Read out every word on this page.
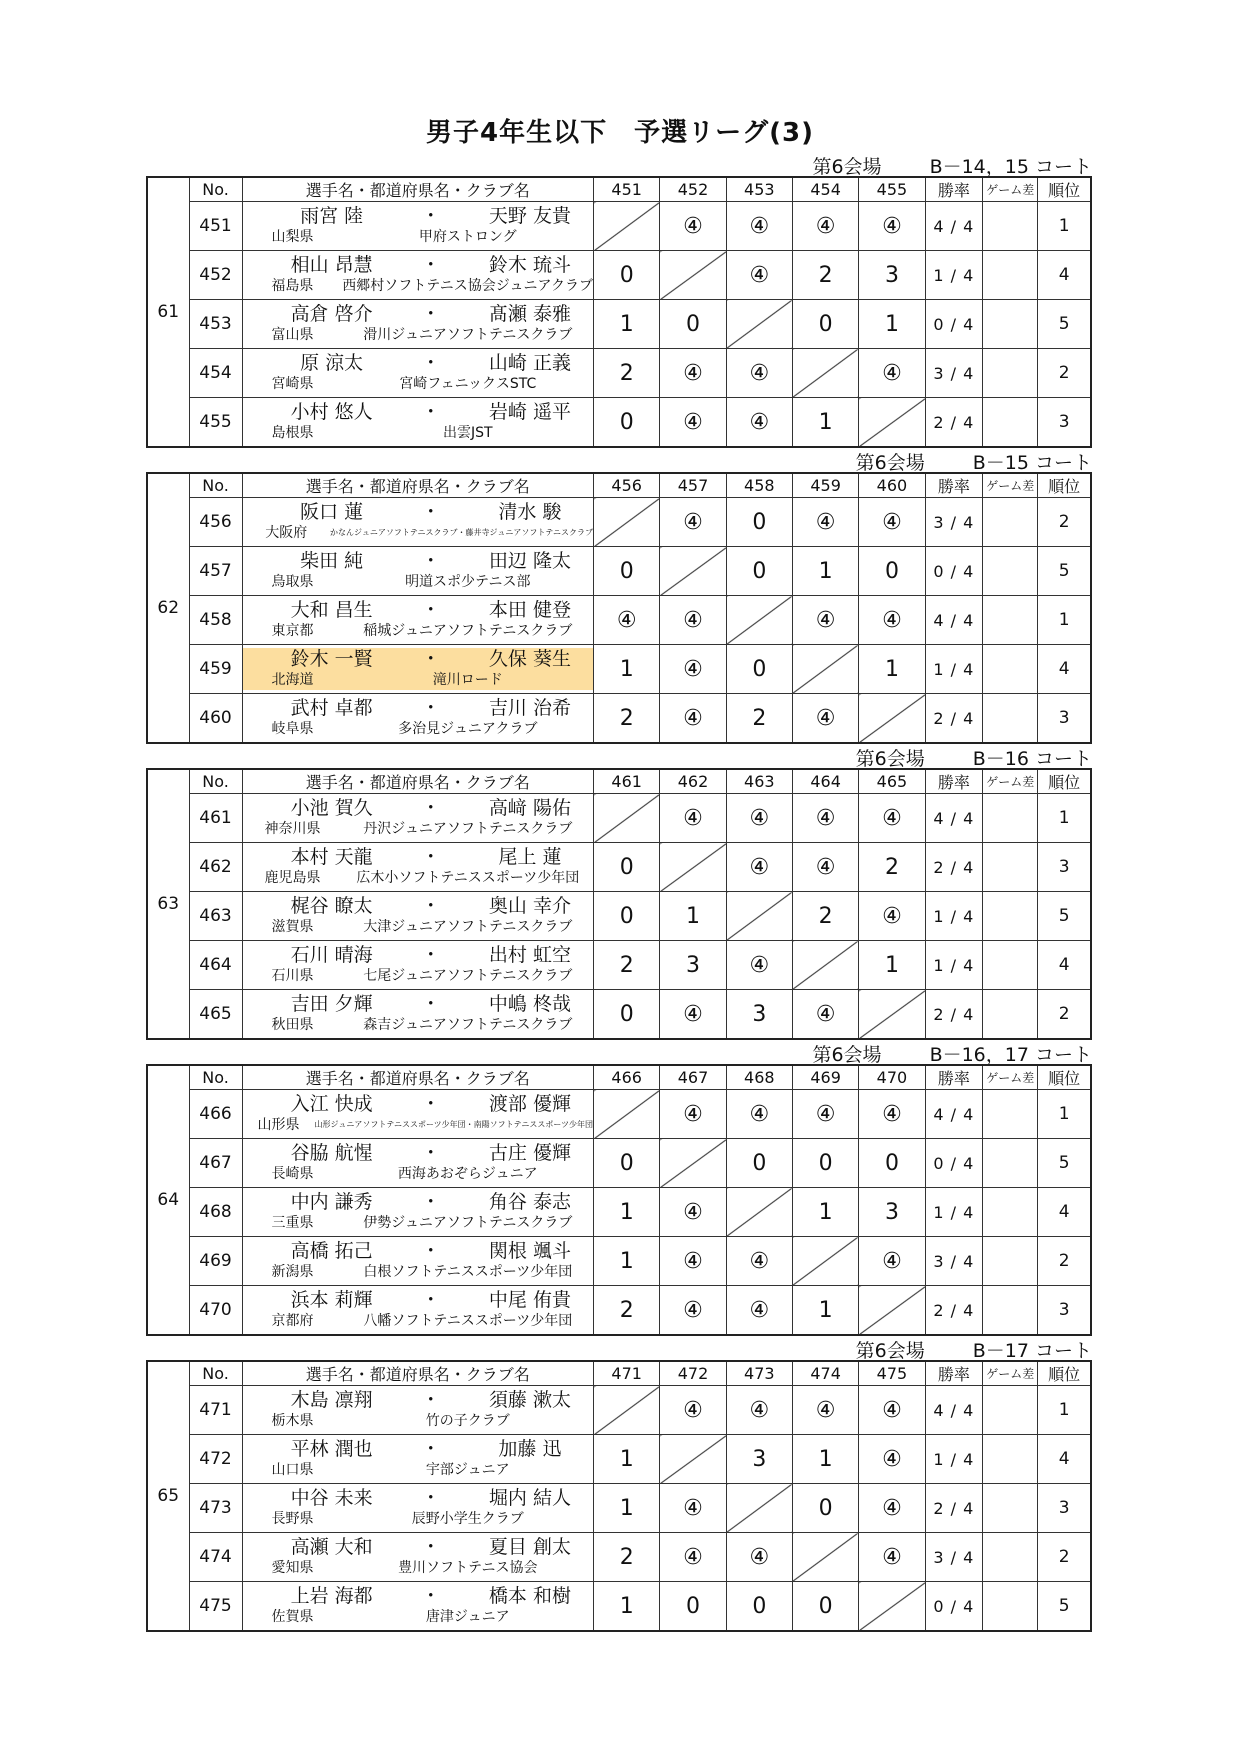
男子4年生以下　予選リーグ(3)
第6会場	B－14，15 コート
61	No.	選手名・都道府県名・クラブ名	451	452	453	454	455	勝率	ゲーム差	順位
	451	雨宮 陸 ・ 天野 友貴
山梨県 甲府ストロング		④	④	④	④	4 / 4		1
	452	相山 昂慧 ・ 鈴木 琉斗
福島県 西郷村ソフトテニス協会ジュニアクラブ	0		④	2	3	1 / 4		4
	453	高倉 啓介 ・ 髙瀬 泰雅
富山県 滑川ジュニアソフトテニスクラブ	1	0		0	1	0 / 4		5
	454	原 涼太 ・ 山崎 正義
宮崎県 宮崎フェニックスSTC	2	④	④		④	3 / 4		2
	455	小村 悠人 ・ 岩崎 遥平
島根県 出雲JST	0	④	④	1		2 / 4		3
第6会場	B－15 コート
62	No.	選手名・都道府県名・クラブ名	456	457	458	459	460	勝率	ゲーム差	順位
	456	阪口 蓮 ・ 清水 駿
大阪府 かなんジュニアソフトテニスクラブ・藤井寺ジュニアソフトテニスクラブ		④	0	④	④	3 / 4		2
	457	柴田 純 ・ 田辺 隆太
鳥取県 明道スポ少テニス部	0		0	1	0	0 / 4		5
	458	大和 昌生 ・ 本田 健登
東京都 稲城ジュニアソフトテニスクラブ	④	④		④	④	4 / 4		1
	459	鈴木 一賢 ・ 久保 葵生
北海道 滝川ロード	1	④	0		1	1 / 4		4
	460	武村 卓都 ・ 吉川 治希
岐阜県 多治見ジュニアクラブ	2	④	2	④		2 / 4		3
第6会場	B－16 コート
63	No.	選手名・都道府県名・クラブ名	461	462	463	464	465	勝率	ゲーム差	順位
	461	小池 賀久 ・ 高﨑 陽佑
神奈川県 丹沢ジュニアソフトテニスクラブ		④	④	④	④	4 / 4		1
	462	本村 天龍 ・ 尾上 蓮
鹿児島県 広木小ソフトテニススポーツ少年団	0		④	④	2	2 / 4		3
	463	梶谷 瞭太 ・ 奥山 幸介
滋賀県 大津ジュニアソフトテニスクラブ	0	1		2	④	1 / 4		5
	464	石川 晴海 ・ 出村 虹空
石川県 七尾ジュニアソフトテニスクラブ	2	3	④		1	1 / 4		4
	465	吉田 夕輝 ・ 中嶋 柊哉
秋田県 森吉ジュニアソフトテニスクラブ	0	④	3	④		2 / 4		2
第6会場	B－16，17 コート
64	No.	選手名・都道府県名・クラブ名	466	467	468	469	470	勝率	ゲーム差	順位
	466	入江 快成 ・ 渡部 優輝
山形県 山形ジュニアソフトテニススポーツ少年団・南陽ソフトテニススポーツ少年団		④	④	④	④	4 / 4		1
	467	谷脇 航惺 ・ 古庄 優輝
長崎県 西海あおぞらジュニア	0		0	0	0	0 / 4		5
	468	中内 謙秀 ・ 角谷 泰志
三重県 伊勢ジュニアソフトテニスクラブ	1	④		1	3	1 / 4		4
	469	高橋 拓己 ・ 関根 颯斗
新潟県 白根ソフトテニススポーツ少年団	1	④	④		④	3 / 4		2
	470	浜本 莉輝 ・ 中尾 侑貴
京都府 八幡ソフトテニススポーツ少年団	2	④	④	1		2 / 4		3
第6会場	B－17 コート
65	No.	選手名・都道府県名・クラブ名	471	472	473	474	475	勝率	ゲーム差	順位
	471	木島 凛翔 ・ 須藤 漱太
栃木県 竹の子クラブ		④	④	④	④	4 / 4		1
	472	平林 潤也 ・ 加藤 迅
山口県 宇部ジュニア	1		3	1	④	1 / 4		4
	473	中谷 未来 ・ 堀内 結人
長野県 辰野小学生クラブ	1	④		0	④	2 / 4		3
	474	高瀬 大和 ・ 夏目 創太
愛知県 豊川ソフトテニス協会	2	④	④		④	3 / 4		2
	475	上岩 海都 ・ 橋本 和樹
佐賀県 唐津ジュニア	1	0	0	0		0 / 4		5
